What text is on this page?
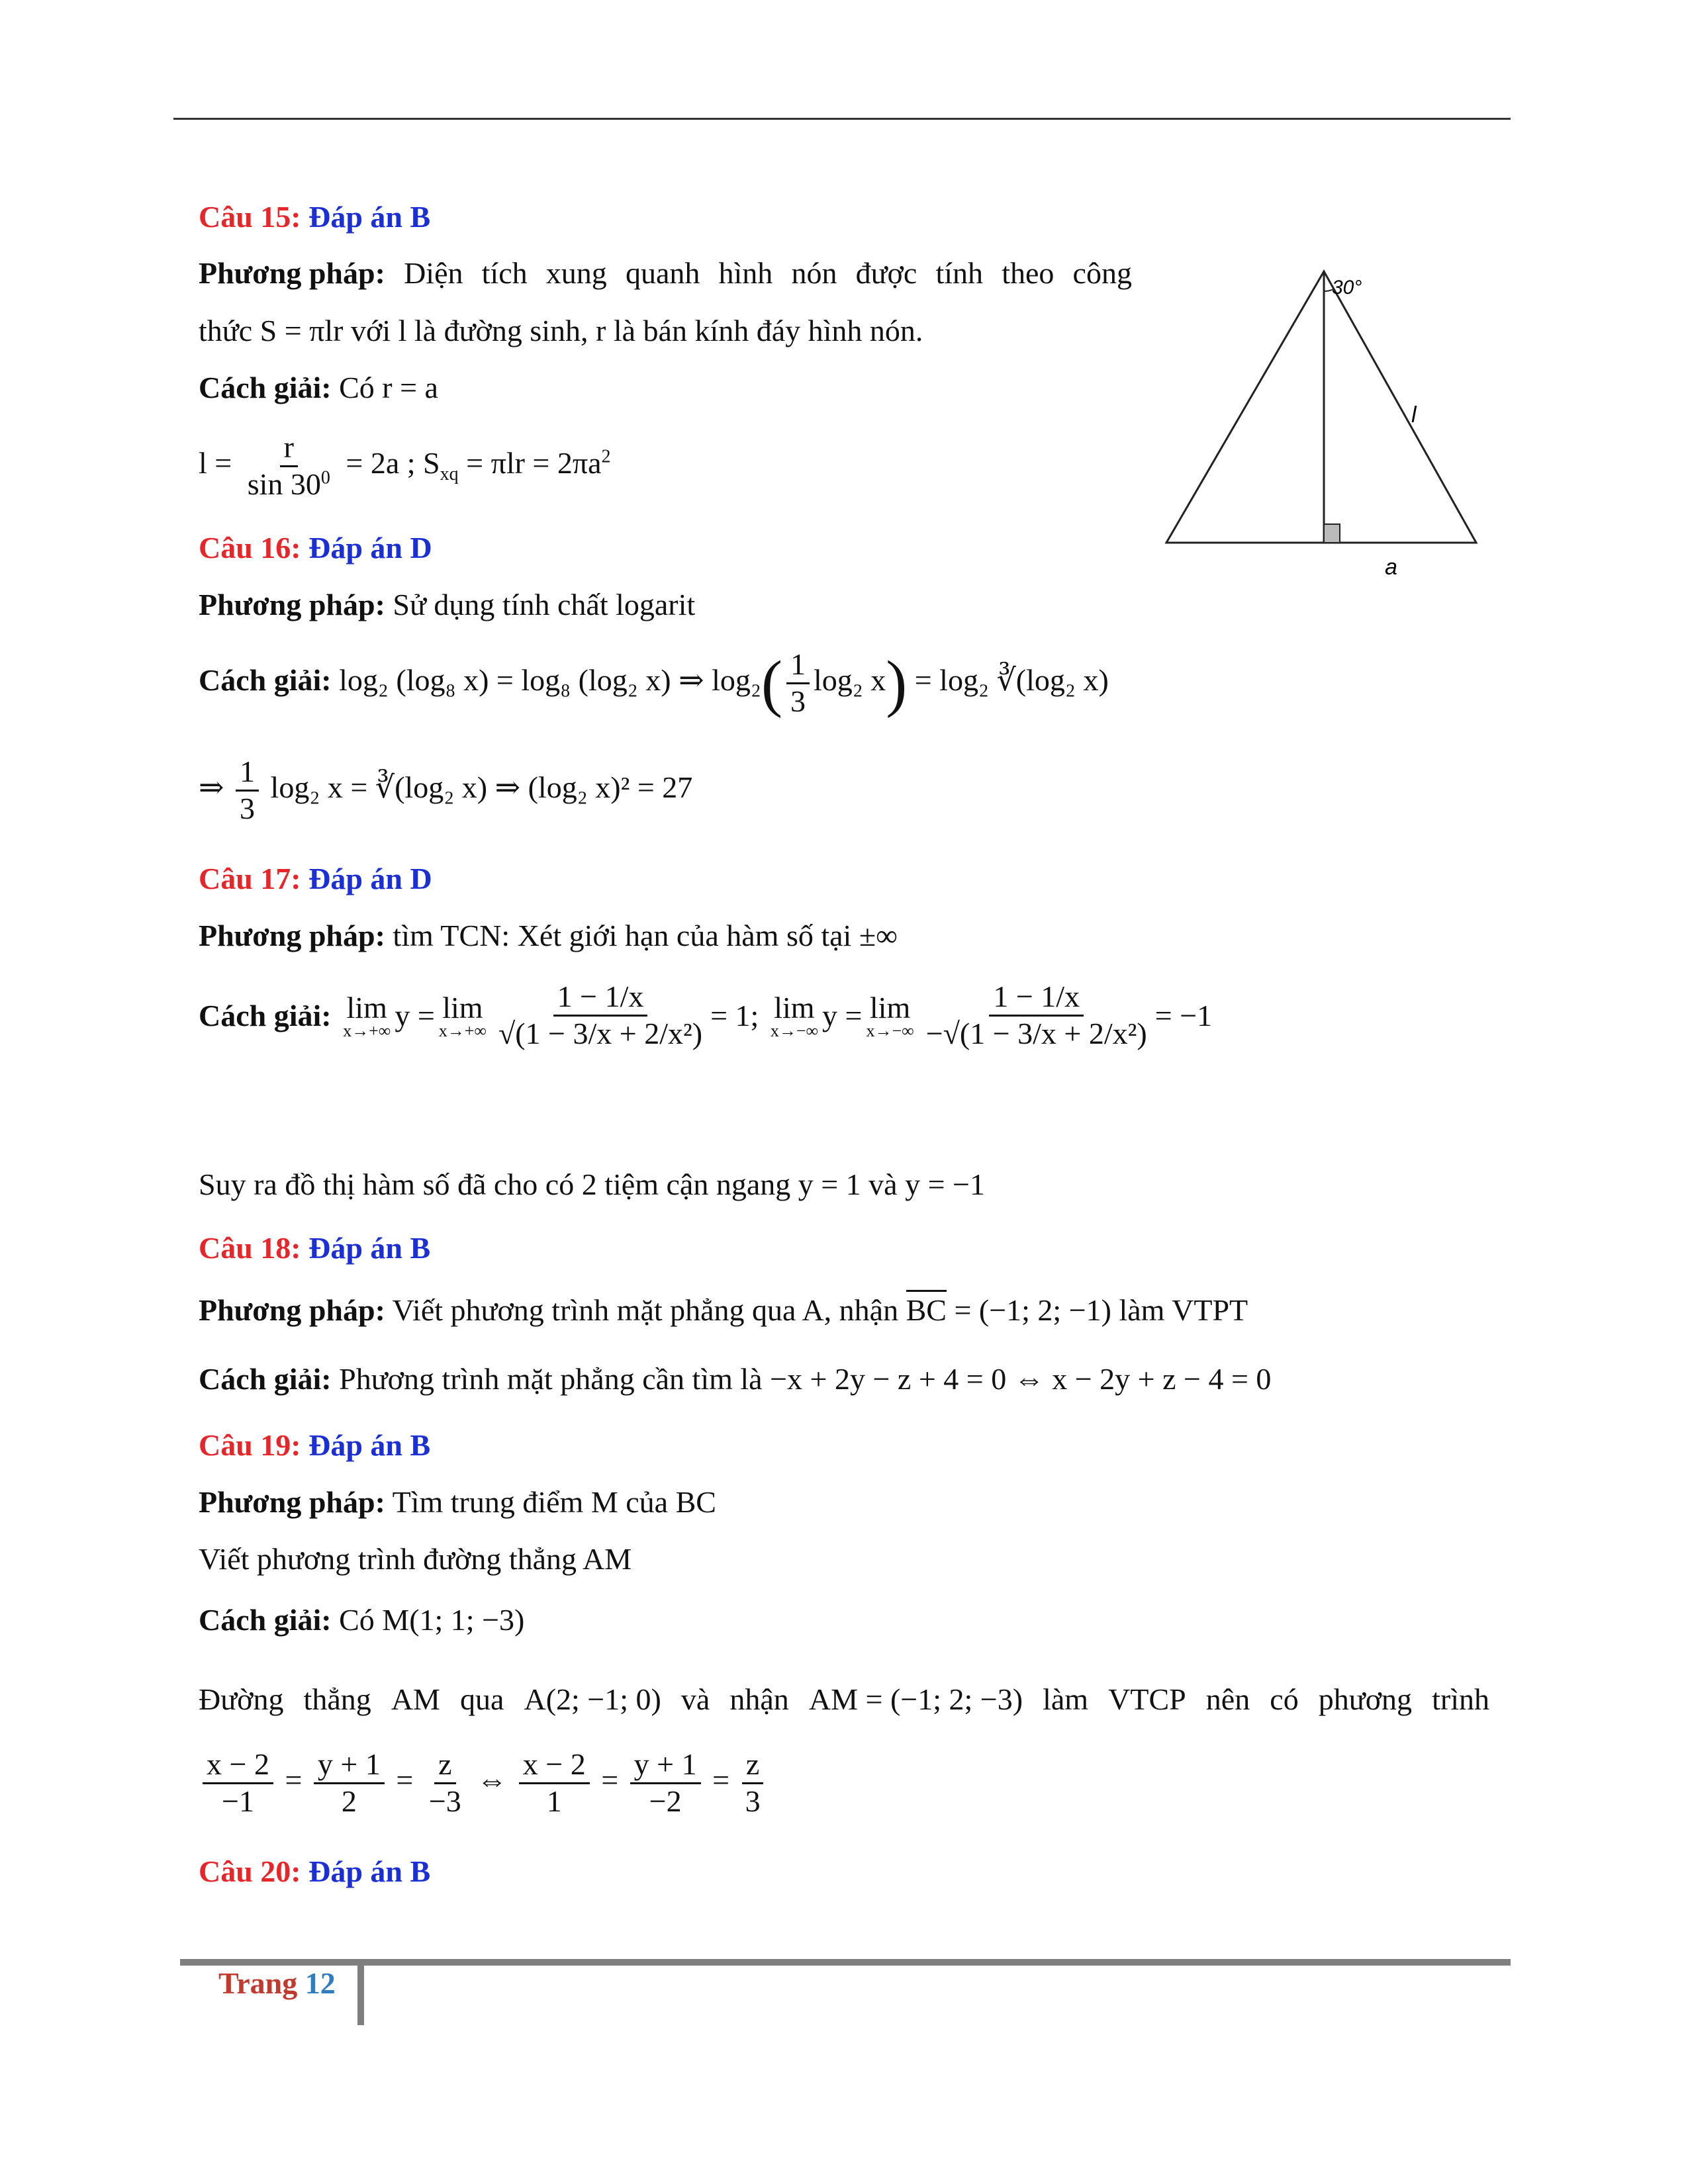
Câu 15: Đáp án B
Phương pháp: Diện tích xung quanh hình nón được tính theo công
thức S = πlr với l là đường sinh, r là bán kính đáy hình nón.
Cách giải: Có r = a
$l = \frac{r}{\sin 30^0} = 2a$ ; $S_{xq} = \pi lr = 2\pi a^2$
30°
l
a
Câu 16: Đáp án D
Phương pháp: Sử dụng tính chất logarit
Cách giải: log₂ (log₈ x) = log₈ (log₂ x) ⇒ $\log_2( \frac{1}{3} \log_2$ x) = log₂ ∛(log₂ x)
⇒ $\frac{1}{3} \log_2$ x = ∛(log₂ x) ⇒ (log₂ x)² = 27
Câu 17: Đáp án D
Phương pháp: tìm TCN: Xét giới hạn của hàm số tại ±∞
Cách giải:
lim
x→+∞ y = lim
$x\to+\infty \frac{1 - 1/x}{\text{√(1 − 3/x + 2/x²)}} = 1$;
lim
x→−∞ y = lim
$x\to-\infty \frac{1 - 1/x}{\text{−√(1 − 3/x + 2/x²)}} = -1$
Suy ra đồ thị hàm số đã cho có 2 tiệm cận ngang y = 1 và y = −1
Câu 18: Đáp án B
Phương pháp: Viết phương trình mặt phẳng qua A, nhận BC = (−1; 2; −1) làm VTPT
Cách giải: Phương trình mặt phẳng cần tìm là −x + 2y − z + 4 = 0 ⇔ x − 2y + z − 4 = 0
Câu 19: Đáp án B
Phương pháp: Tìm trung điểm M của BC
Viết phương trình đường thẳng AM
Cách giải: Có M(1; 1; −3)
Đường thẳng AM qua A(2; −1; 0) và nhận AM = (−1; 2; −3) làm VTCP nên có phương trình
$\frac{x - 2}{-1} = \frac{y + 1}{2} = \frac{z}{-3}$ ⇔ $\frac{x - 2}{1} = \frac{y + 1}{-2} = \frac{z}{3}$
Câu 20: Đáp án B
Trang 12
